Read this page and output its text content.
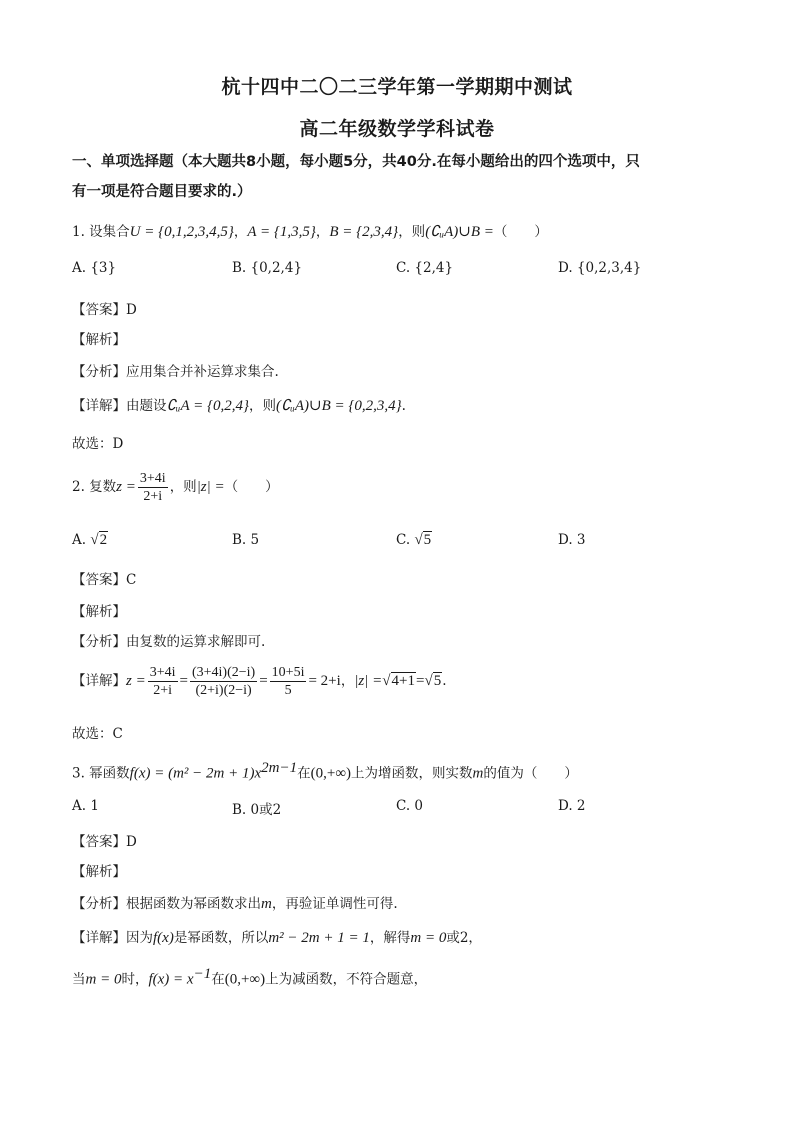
杭十四中二〇二三学年第一学期期中测试
高二年级数学学科试卷
一、单项选择题（本大题共8小题，每小题5分，共40分.在每小题给出的四个选项中，只
有一项是符合题目要求的.）
1. 设集合U = {0,1,2,3,4,5}，A = {1,3,5}，B = {2,3,4}，则(∁ᵤA)∪B =（　　）
A. {3}	B. {0,2,4}	C. {2,4}	D. {0,2,3,4}
【答案】D
【解析】
【分析】应用集合并补运算求集合.
【详解】由题设∁ᵤA = {0,2,4}，则(∁ᵤA)∪B = {0,2,3,4}.
故选：D
2. 复数$z = \frac{3+4i}{2+i}$ ，则|z| =（　　）
A. √2	B. 5	C. √5	D. 3
【答案】C
【解析】
【分析】由复数的运算求解即可.
【详解】$z = \frac{3+4i}{2+i} = \frac{(3+4i)(2-i)}{(2+i)(2-i)} = \frac{10+5i}{5} = 2+i$，|z| =√4+1=√5.
故选：C
3. 幂函数$f(x) = (m^2 - 2m + 1)x^{2m-1}$在(0,+∞)上为增函数，则实数m的值为（　　）
A. 1	B. 0或2	C. 0	D. 2
【答案】D
【解析】
【分析】根据函数为幂函数求出m，再验证单调性可得.
【详解】因为f(x)是幂函数，所以m² − 2m + 1 = 1，解得m = 0或2，
当m = 0时，$f(x) = x^{-1}$在(0,+∞)上为减函数，不符合题意，
